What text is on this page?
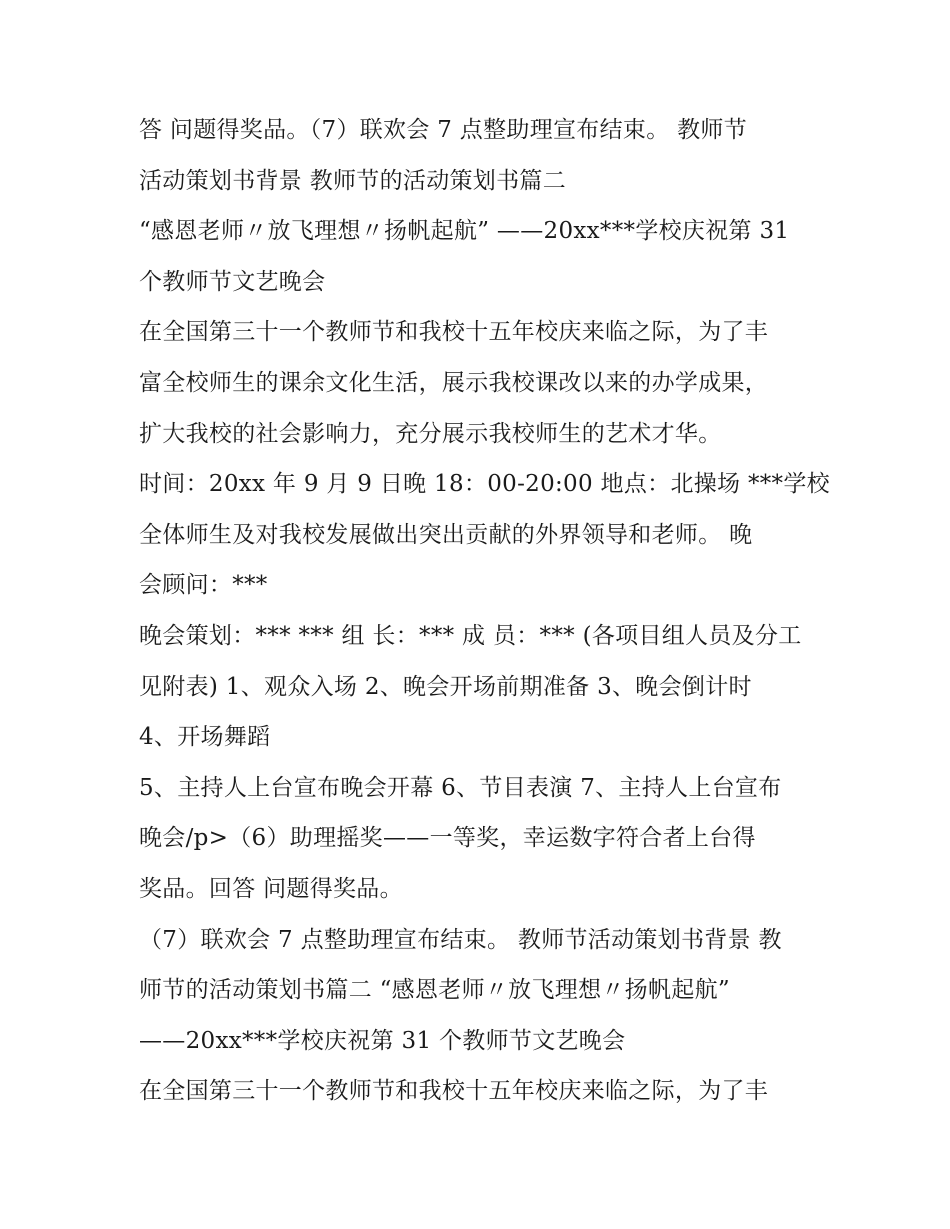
答 问题得奖品。（7）联欢会 7 点整助理宣布结束。 教师节
活动策划书背景 教师节的活动策划书篇二
“感恩老师〃放飞理想〃扬帆起航” ——20xx***学校庆祝第 31
个教师节文艺晚会
在全国第三十一个教师节和我校十五年校庆来临之际，为了丰
富全校师生的课余文化生活，展示我校课改以来的办学成果，
扩大我校的社会影响力，充分展示我校师生的艺术才华。
时间：20xx 年 9 月 9 日晚 18：00-20:00 地点：北操场 ***学校
全体师生及对我校发展做出突出贡献的外界领导和老师。 晚
会顾问：***
晚会策划：*** *** 组 长：*** 成 员：*** (各项目组人员及分工
见附表) 1、观众入场 2、晚会开场前期准备 3、晚会倒计时
4、开场舞蹈
5、主持人上台宣布晚会开幕 6、节目表演 7、主持人上台宣布
晚会/p>（6）助理摇奖——一等奖，幸运数字符合者上台得
奖品。回答 问题得奖品。
（7）联欢会 7 点整助理宣布结束。 教师节活动策划书背景 教
师节的活动策划书篇二 “感恩老师〃放飞理想〃扬帆起航”
——20xx***学校庆祝第 31 个教师节文艺晚会
在全国第三十一个教师节和我校十五年校庆来临之际，为了丰
